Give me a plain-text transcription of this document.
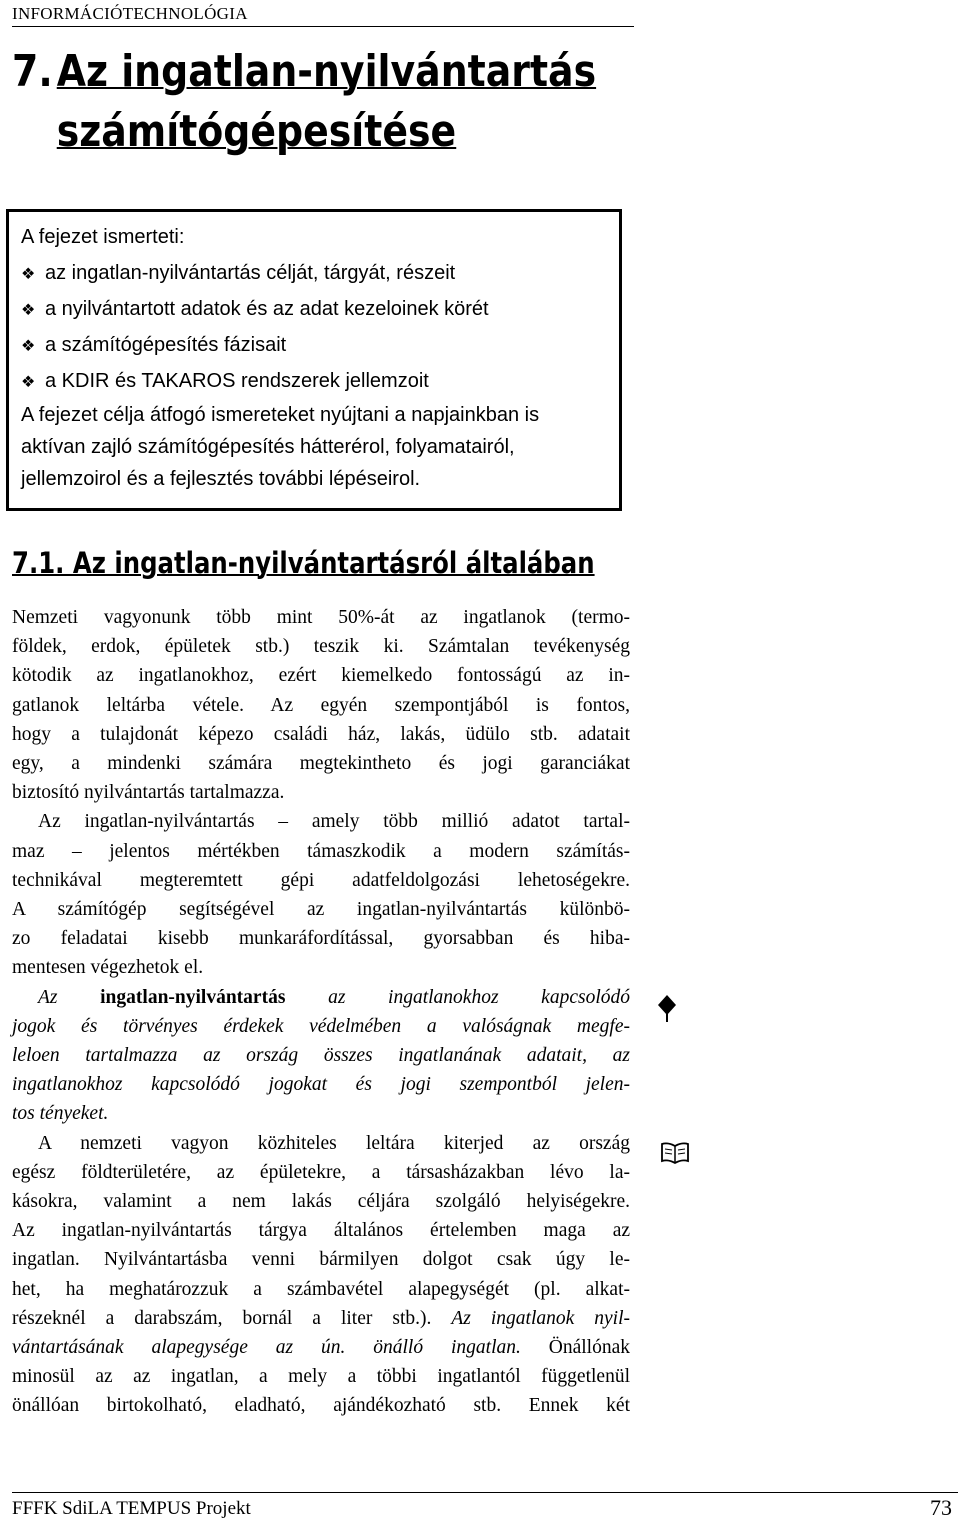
INFORMÁCIÓTECHNOLÓGIA
7.Az ingatlan-nyilvántartás
számítógépesítése
A fejezet ismerteti:
❖ az ingatlan-nyilvántartás célját, tárgyát, részeit
❖ a nyilvántartott adatok és az adat kezeloinek körét
❖ a számítógépesítés fázisait
❖ a KDIR és TAKAROS rendszerek jellemzoit
A fejezet célja átfogó ismereteket nyújtani a napjainkban is
aktívan zajló számítógépesítés hátterérol, folyamatairól,
jellemzoirol és a fejlesztés további lépéseirol.
7.1. Az ingatlan-nyilvántartásról általában

Nemzeti vagyonunk több mint 50%-át az ingatlanok (termo-
földek, erdok, épületek stb.) teszik ki. Számtalan tevékenység
kötodik az ingatlanokhoz, ezért kiemelkedo fontosságú az in-
gatlanok leltárba vétele. Az egyén szempontjából is fontos,
hogy a tulajdonát képezo családi ház, lakás, üdülo stb. adatait
egy, a mindenki számára megtekintheto és jogi garanciákat
biztosító nyilvántartás tartalmazza.

Az ingatlan-nyilvántartás – amely több millió adatot tartal-
maz – jelentos mértékben támaszkodik a modern számítás-
technikával megteremtett gépi adatfeldolgozási lehetoségekre.
A számítógép segítségével az ingatlan-nyilvántartás különbö-
zo feladatai kisebb munkaráfordítással, gyorsabban és hiba-
mentesen végezhetok el.

Az ingatlan-nyilvántartás az ingatlanokhoz kapcsolódó
jogok és törvényes érdekek védelmében a valóságnak megfe-
leloen tartalmazza az ország összes ingatlanának adatait, az
ingatlanokhoz kapcsolódó jogokat és jogi szempontból jelen-
tos tényeket.

A nemzeti vagyon közhiteles leltára kiterjed az ország
egész földterületére, az épületekre, a társasházakban lévo la-
kásokra, valamint a nem lakás céljára szolgáló helyiségekre.
Az ingatlan-nyilvántartás tárgya általános értelemben maga az
ingatlan. Nyilvántartásba venni bármilyen dolgot csak úgy le-
het, ha meghatározzuk a számbavétel alapegységét (pl. alkat-
részeknél a darabszám, bornál a liter stb.). Az ingatlanok nyil-
vántartásának alapegysége az ún. önálló ingatlan. Önállónak
minosül az az ingatlan, a mely a többi ingatlantól függetlenül
önállóan birtokolható, eladható, ajándékozható stb. Ennek két

FFFK SdiLA TEMPUS Projekt	73
